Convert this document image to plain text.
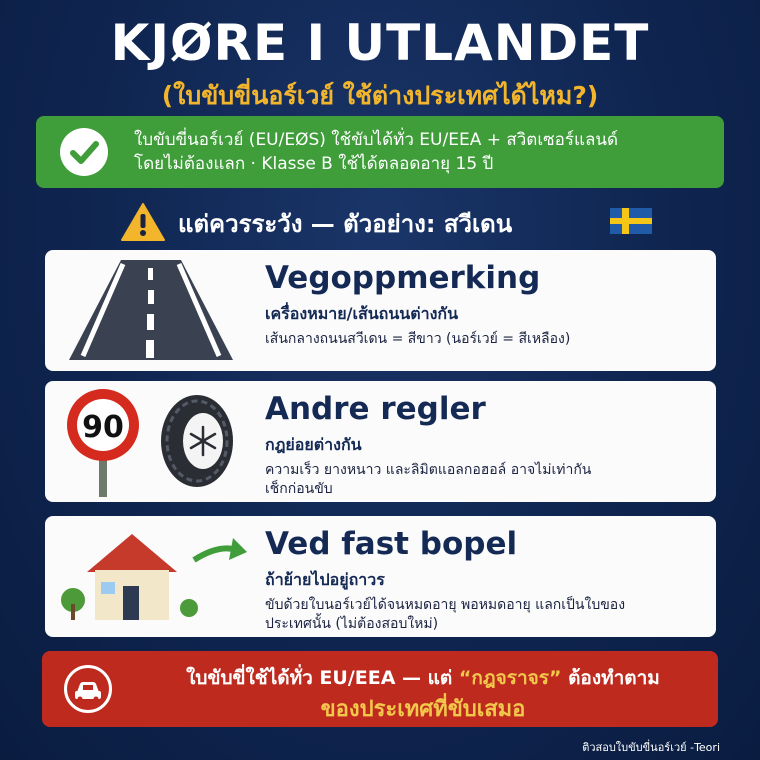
KJØRE I UTLANDET
(ใบขับขี่นอร์เวย์ ใช้ต่างประเทศได้ไหม?)
ใบขับขี่นอร์เวย์ (EU/EØS) ใช้ขับได้ทั่ว EU/EEA + สวิตเซอร์แลนด์
โดยไม่ต้องแลก · Klasse B ใช้ได้ตลอดอายุ 15 ปี
แต่ควรระวัง — ตัวอย่าง: สวีเดน
Vegoppmerking
เครื่องหมาย/เส้นถนนต่างกัน
เส้นกลางถนนสวีเดน = สีขาว (นอร์เวย์ = สีเหลือง)
90
Andre regler
กฎย่อยต่างกัน
ความเร็ว ยางหนาว และลิมิตแอลกอฮอล์ อาจไม่เท่ากัน เช็กก่อนขับ
Ved fast bopel
ถ้าย้ายไปอยู่ถาวร
ขับด้วยใบนอร์เวย์ได้จนหมดอายุ พอหมดอายุ แลกเป็นใบของประเทศนั้น (ไม่ต้องสอบใหม่)
ใบขับขี่ใช้ได้ทั่ว EU/EEA — แต่ “กฎจราจร” ต้องทำตาม
ของประเทศที่ขับเสมอ
ติวสอบใบขับขี่นอร์เวย์ -Teori
